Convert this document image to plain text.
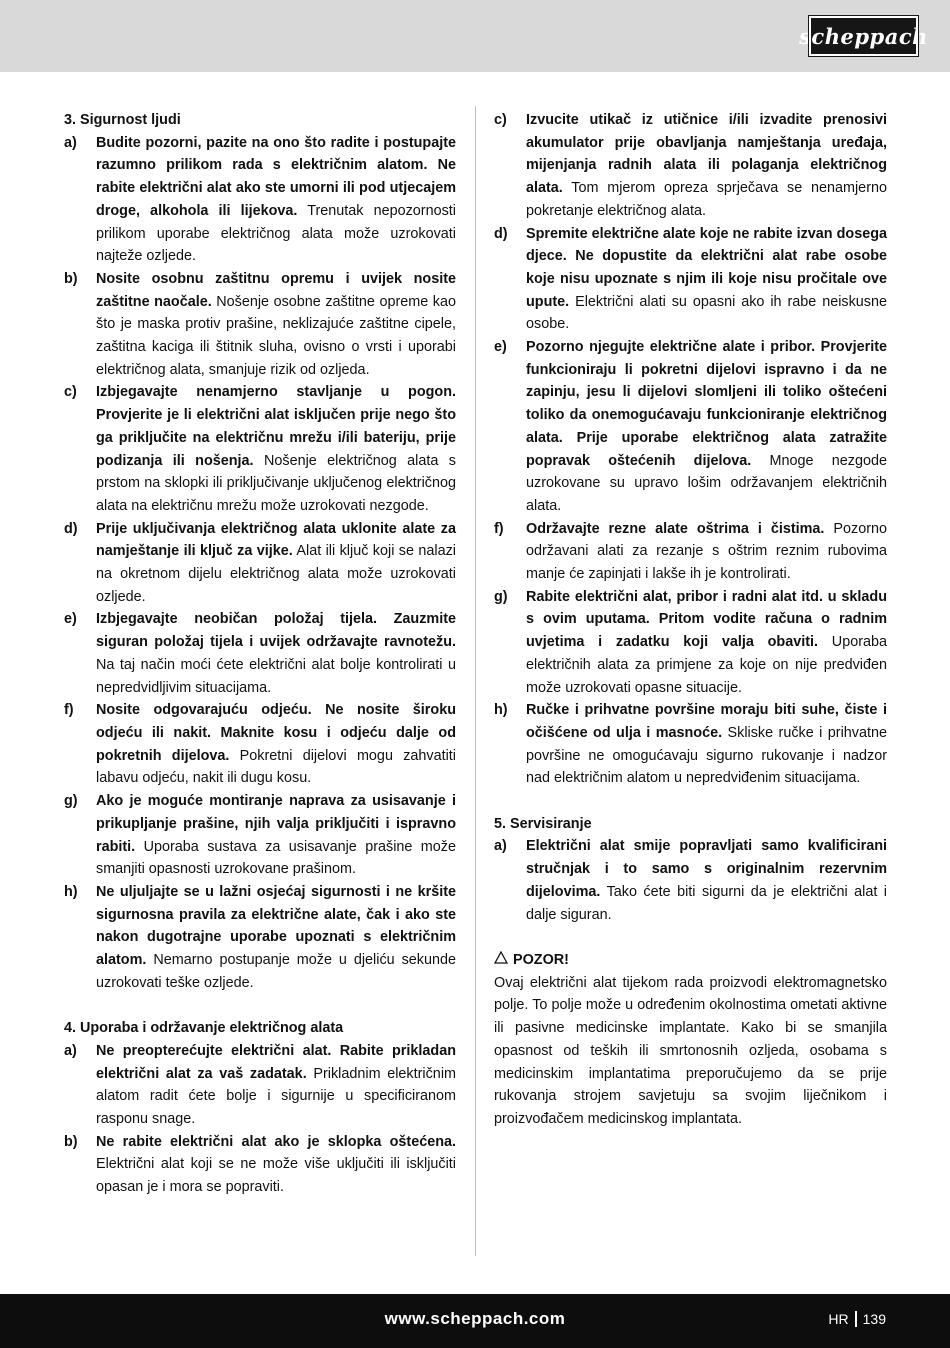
scheppach

3. Sigurnost ljudi

a)	Budite pozorni, pazite na ono što radite i postupajte razumno prilikom rada s električnim alatom. Ne rabite električni alat ako ste umorni ili pod utjecajem droge, alkohola ili lijekova. Trenutak nepozornosti prilikom uporabe električnog alata može uzrokovati najteže ozljede.
b)	Nosite osobnu zaštitnu opremu i uvijek nosite zaštitne naočale. Nošenje osobne zaštitne opreme kao što je maska protiv prašine, neklizajuće zaštitne cipele, zaštitna kaciga ili štitnik sluha, ovisno o vrsti i uporabi električnog alata, smanjuje rizik od ozljeda.
c)	Izbjegavajte nenamjerno stavljanje u pogon. Provjerite je li električni alat isključen prije nego što ga priključite na električnu mrežu i/ili bateriju, prije podizanja ili nošenja. Nošenje električnog alata s prstom na sklopki ili priključivanje uključenog električnog alata na električnu mrežu može uzrokovati nezgode.
d)	Prije uključivanja električnog alata uklonite alate za namještanje ili ključ za vijke. Alat ili ključ koji se nalazi na okretnom dijelu električnog alata može uzrokovati ozljede.
e)	Izbjegavajte neobičan položaj tijela. Zauzmite siguran položaj tijela i uvijek održavajte ravnotežu. Na taj način moći ćete električni alat bolje kontrolirati u nepredvidljivim situacijama.
f)	Nosite odgovarajuću odjeću. Ne nosite široku odjeću ili nakit. Maknite kosu i odjeću dalje od pokretnih dijelova. Pokretni dijelovi mogu zahvatiti labavu odjeću, nakit ili dugu kosu.
g)	Ako je moguće montiranje naprava za usisavanje i prikupljanje prašine, njih valja priključiti i ispravno rabiti. Uporaba sustava za usisavanje prašine može smanjiti opasnosti uzrokovane prašinom.
h)	Ne uljuljajte se u lažni osjećaj sigurnosti i ne kršite sigurnosna pravila za električne alate, čak i ako ste nakon dugotrajne uporabe upoznati s električnim alatom. Nemarno postupanje može u djeliću sekunde uzrokovati teške ozljede.

4. Uporaba i održavanje električnog alata

a)	Ne preopterećujte električni alat. Rabite prikladan električni alat za vaš zadatak. Prikladnim električnim alatom radit ćete bolje i sigurnije u specificiranom rasponu snage.
b)	Ne rabite električni alat ako je sklopka oštećena. Električni alat koji se ne može više uključiti ili isključiti opasan je i mora se popraviti.
c)	Izvucite utikač iz utičnice i/ili izvadite prenosivi akumulator prije obavljanja namještanja uređaja, mijenjanja radnih alata ili polaganja električnog alata. Tom mjerom opreza sprječava se nenamjerno pokretanje električnog alata.
d)	Spremite električne alate koje ne rabite izvan dosega djece. Ne dopustite da električni alat rabe osobe koje nisu upoznate s njim ili koje nisu pročitale ove upute. Električni alati su opasni ako ih rabe neiskusne osobe.
e)	Pozorno njegujte električne alate i pribor. Provjerite funkcioniraju li pokretni dijelovi ispravno i da ne zapinju, jesu li dijelovi slomljeni ili toliko oštećeni toliko da onemogućavaju funkcioniranje električnog alata. Prije uporabe električnog alata zatražite popravak oštećenih dijelova. Mnoge nezgode uzrokovane su upravo lošim održavanjem električnih alata.
f)	Održavajte rezne alate oštrima i čistima. Pozorno održavani alati za rezanje s oštrim reznim rubovima manje će zapinjati i lakše ih je kontrolirati.
g)	Rabite električni alat, pribor i radni alat itd. u skladu s ovim uputama. Pritom vodite računa o radnim uvjetima i zadatku koji valja obaviti. Uporaba električnih alata za primjene za koje on nije predviđen može uzrokovati opasne situacije.
h)	Ručke i prihvatne površine moraju biti suhe, čiste i očišćene od ulja i masnoće. Skliske ručke i prihvatne površine ne omogućavaju sigurno rukovanje i nadzor nad električnim alatom u nepredviđenim situacijama.

5. Servisiranje

a)	Električni alat smije popravljati samo kvalificirani stručnjak i to samo s originalnim rezervnim dijelovima. Tako ćete biti sigurni da je električni alat i dalje siguran.

POZOR!

Ovaj električni alat tijekom rada proizvodi elektromagnetsko polje. To polje može u određenim okolnostima ometati aktivne ili pasivne medicinske implantate. Kako bi se smanjila opasnost od teških ili smrtonosnih ozljeda, osobama s medicinskim implantatima preporučujemo da se prije rukovanja strojem savjetuju sa svojim liječnikom i proizvođačem medicinskog implantata.

www.scheppach.com	HR 139
